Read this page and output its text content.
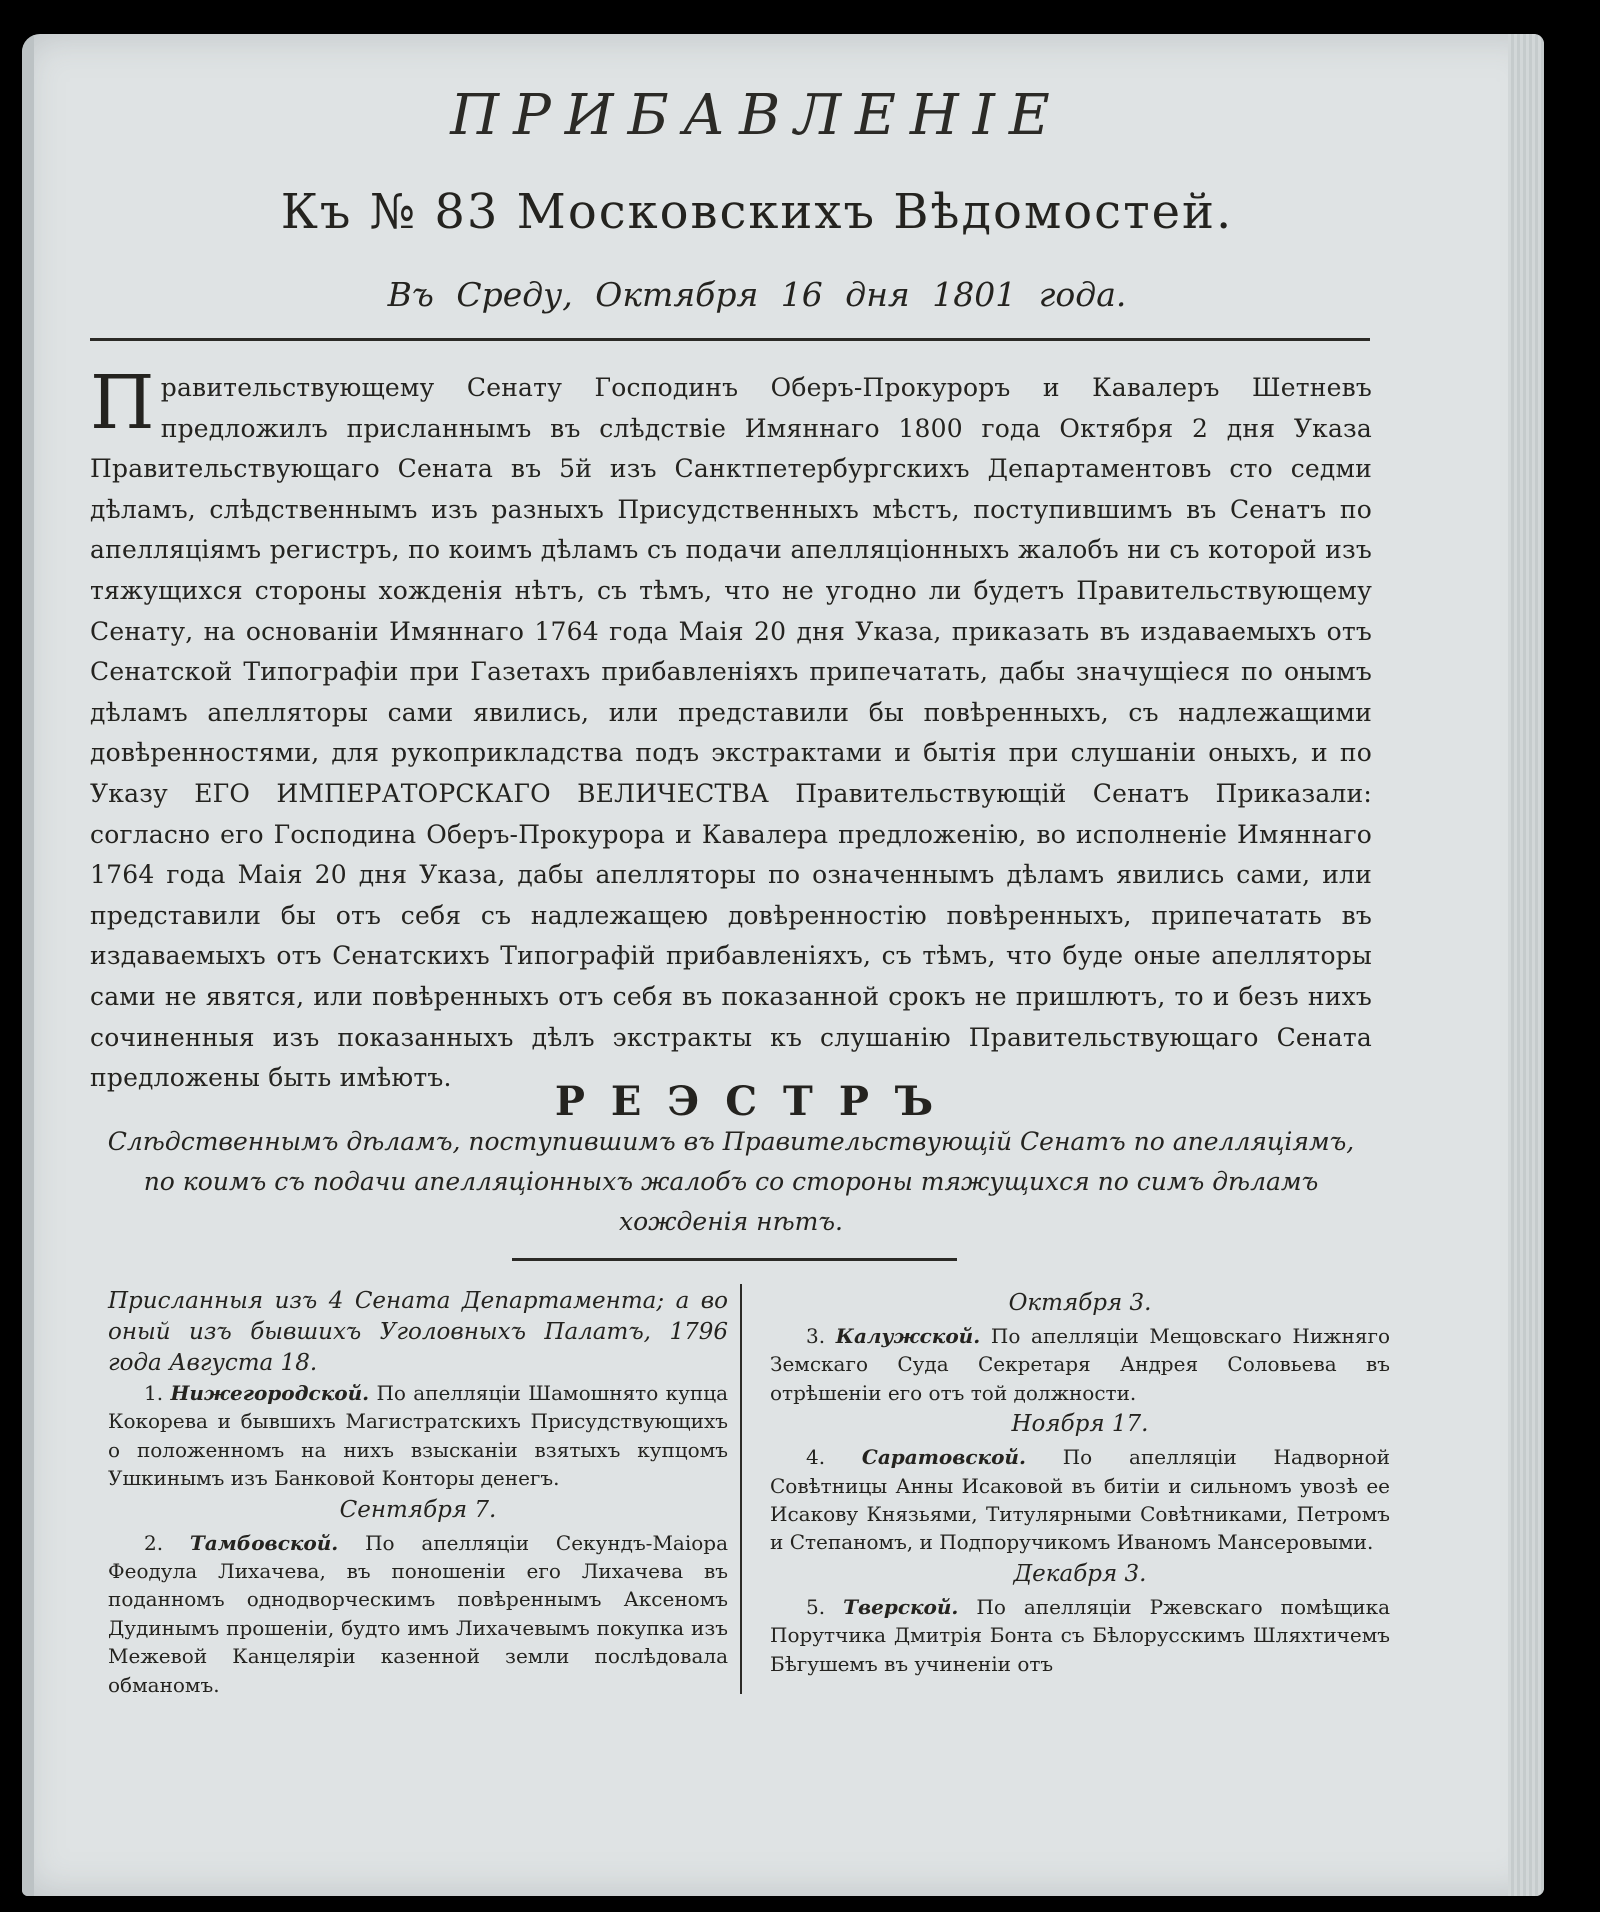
ПРИБАВЛЕНІЕ
Къ № 83 Московскихъ Вѣдомостей.
Въ Среду, Октября 16 дня 1801 года.
П равительствующему Сенату Господинъ Оберъ-Прокуроръ и Кавалеръ Шетневъ предложилъ присланнымъ въ слѣдствіе Имяннаго 1800 года Октября 2 дня Указа Правительствующаго Сената въ 5й изъ Санктпетербургскихъ Департаментовъ сто седми дѣламъ, слѣдственнымъ изъ разныхъ Присудственныхъ мѣстъ, поступившимъ въ Сенатъ по апелляціямъ регистръ, по коимъ дѣламъ съ подачи апелляціонныхъ жалобъ ни съ которой изъ тяжущихся стороны хожденія нѣтъ, съ тѣмъ, что не угодно ли будетъ Правительствующему Сенату, на основаніи Имяннаго 1764 года Маія 20 дня Указа, приказать въ издаваемыхъ отъ Сенатской Типографіи при Газетахъ прибавленіяхъ припечатать, дабы значущіеся по онымъ дѣламъ апелляторы сами явились, или представили бы повѣренныхъ, съ надлежащими довѣренностями, для рукоприкладства подъ экстрактами и бытія при слушаніи оныхъ, и по Указу ЕГО ИМПЕРАТОРСКАГО ВЕЛИЧЕСТВА Правительствующій Сенатъ Приказали: согласно его Господина Оберъ-Прокурора и Кавалера предложенію, во исполненіе Имяннаго 1764 года Маія 20 дня Указа, дабы апелляторы по означеннымъ дѣламъ явились сами, или представили бы отъ себя съ надлежащею довѣренностію повѣренныхъ, припечатать въ издаваемыхъ отъ Сенатскихъ Типографій прибавленіяхъ, съ тѣмъ, что буде оные апелляторы сами не явятся, или повѣренныхъ отъ себя въ показанной срокъ не пришлютъ, то и безъ нихъ сочиненныя изъ показанныхъ дѣлъ экстракты къ слушанію Правительствующаго Сената предложены быть имѣютъ.
РЕЭСТРЪ
Слѣдственнымъ дѣламъ, поступившимъ въ Правительствующій Сенатъ по апелляціямъ, по коимъ съ подачи апелляціонныхъ жалобъ со стороны тяжущихся по симъ дѣламъ хожденія нѣтъ.

Присланныя изъ 4 Сената Департамента; а во оный изъ бывшихъ Уголовныхъ Палатъ, 1796 года Августа 18.

1. Нижегородской. По апелляціи Шамошнято купца Кокорева и бывшихъ Магистратскихъ Присудствующихъ о положенномъ на нихъ взысканіи взятыхъ купцомъ Ушкинымъ изъ Банковой Конторы денегъ.

Сентября 7.

2. Тамбовской. По апелляціи Секундъ-Маіора Феодула Лихачева, въ поношеніи его Лихачева въ поданномъ однодворческимъ повѣреннымъ Аксеномъ Дудинымъ прошеніи, будто имъ Лихачевымъ покупка изъ Межевой Канцеляріи казенной земли послѣдовала обманомъ.

Октября 3.

3. Калужской. По апелляціи Мещовскаго Нижняго Земскаго Суда Секретаря Андрея Соловьева въ отрѣшеніи его отъ той должности.

Ноября 17.

4. Саратовской. По апелляціи Надворной Совѣтницы Анны Исаковой въ битіи и сильномъ увозѣ ее Исакову Князьями, Титулярными Совѣтниками, Петромъ и Степаномъ, и Подпоручикомъ Иваномъ Мансеровыми.

Декабря 3.

5. Тверской. По апелляціи Ржевскаго помѣщика Порутчика Дмитрія Бонта съ Бѣлорусскимъ Шляхтичемъ Бѣгушемъ въ учиненіи отъ
